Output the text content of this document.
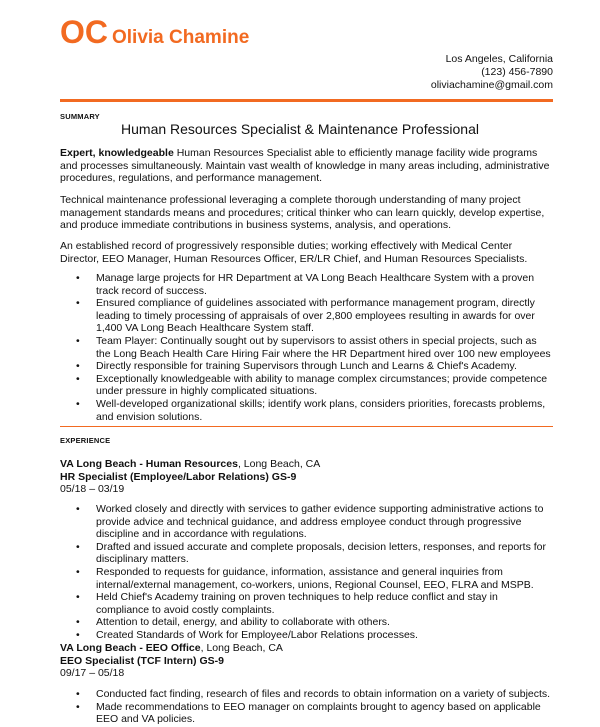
OC Olivia Chamine
Los Angeles, California
(123) 456-7890
oliviachamine@gmail.com
SUMMARY
Human Resources Specialist & Maintenance Professional

Expert, knowledgeable Human Resources Specialist able to efficiently manage facility wide programs and processes simultaneously. Maintain vast wealth of knowledge in many areas including, administrative procedures, regulations, and performance management.

Technical maintenance professional leveraging a complete thorough understanding of many project management standards means and procedures; critical thinker who can learn quickly, develop expertise, and produce immediate contributions in business systems, analysis, and operations.

An established record of progressively responsible duties; working effectively with Medical Center Director, EEO Manager, Human Resources Officer, ER/LR Chief, and Human Resources Specialists.

• Manage large projects for HR Department at VA Long Beach Healthcare System with a proven track record of success.
• Ensured compliance of guidelines associated with performance management program, directly leading to timely processing of appraisals of over 2,800 employees resulting in awards for over 1,400 VA Long Beach Healthcare System staff.
• Team Player: Continually sought out by supervisors to assist others in special projects, such as the Long Beach Health Care Hiring Fair where the HR Department hired over 100 new employees
• Directly responsible for training Supervisors through Lunch and Learns & Chief's Academy.
• Exceptionally knowledgeable with ability to manage complex circumstances; provide competence under pressure in highly complicated situations.
• Well-developed organizational skills; identify work plans, considers priorities, forecasts problems, and envision solutions.
EXPERIENCE
VA Long Beach - Human Resources, Long Beach, CA
HR Specialist (Employee/Labor Relations) GS-9
05/18 – 03/19
• Worked closely and directly with services to gather evidence supporting administrative actions to provide advice and technical guidance, and address employee conduct through progressive discipline and in accordance with regulations.
• Drafted and issued accurate and complete proposals, decision letters, responses, and reports for disciplinary matters.
• Responded to requests for guidance, information, assistance and general inquiries from internal/external management, co-workers, unions, Regional Counsel, EEO, FLRA and MSPB.
• Held Chief's Academy training on proven techniques to help reduce conflict and stay in compliance to avoid costly complaints.
• Attention to detail, energy, and ability to collaborate with others.
• Created Standards of Work for Employee/Labor Relations processes.
VA Long Beach - EEO Office, Long Beach, CA
EEO Specialist (TCF Intern) GS-9
09/17 – 05/18
• Conducted fact finding, research of files and records to obtain information on a variety of subjects.
• Made recommendations to EEO manager on complaints brought to agency based on applicable EEO and VA policies.
